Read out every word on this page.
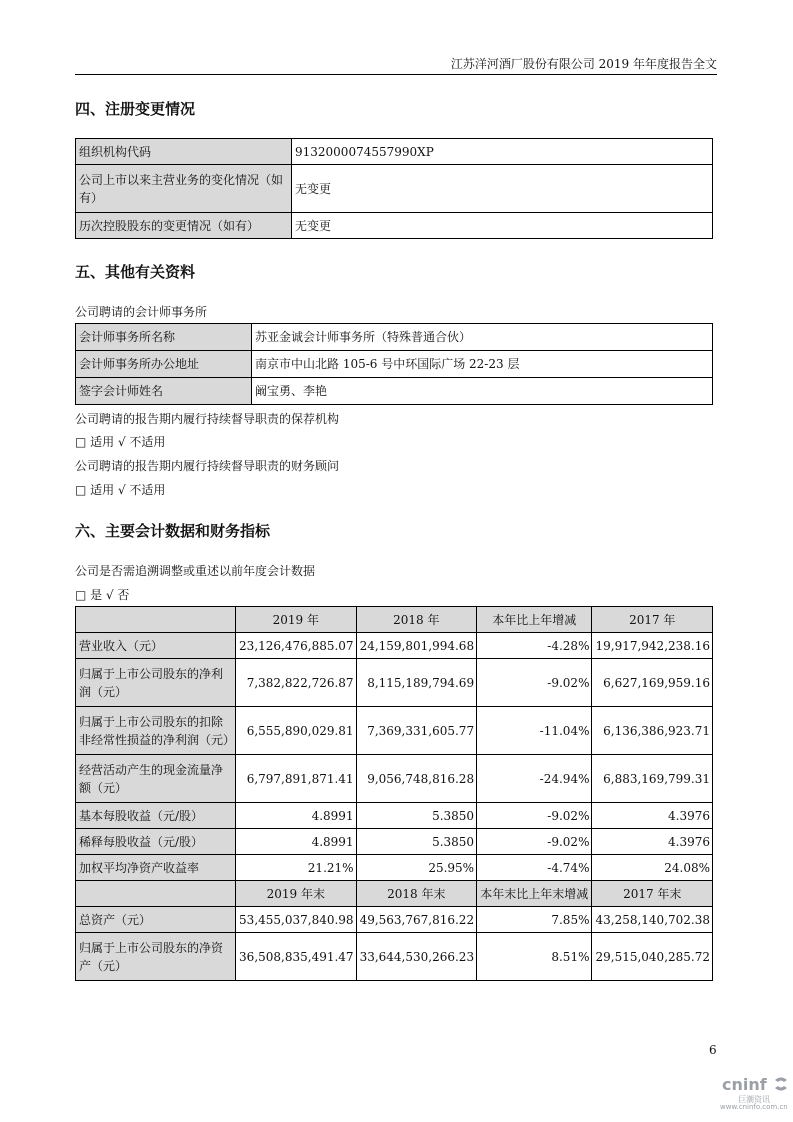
江苏洋河酒厂股份有限公司 2019 年年度报告全文
四、注册变更情况
组织机构代码	9132000074557990XP
公司上市以来主营业务的变化情况（如有）	无变更
历次控股股东的变更情况（如有）	无变更
五、其他有关资料
公司聘请的会计师事务所
会计师事务所名称	苏亚金诚会计师事务所（特殊普通合伙）
会计师事务所办公地址	南京市中山北路 105-6 号中环国际广场 22-23 层
签字会计师姓名	阚宝勇、李艳
公司聘请的报告期内履行持续督导职责的保荐机构
□ 适用 √ 不适用
公司聘请的报告期内履行持续督导职责的财务顾问
□ 适用 √ 不适用
六、主要会计数据和财务指标
公司是否需追溯调整或重述以前年度会计数据
□ 是 √ 否
	2019 年	2018 年	本年比上年增减	2017 年
营业收入（元）	23,126,476,885.07	24,159,801,994.68	-4.28%	19,917,942,238.16
归属于上市公司股东的净利润（元）	7,382,822,726.87	8,115,189,794.69	-9.02%	6,627,169,959.16
归属于上市公司股东的扣除非经常性损益的净利润（元）	6,555,890,029.81	7,369,331,605.77	-11.04%	6,136,386,923.71
经营活动产生的现金流量净额（元）	6,797,891,871.41	9,056,748,816.28	-24.94%	6,883,169,799.31
基本每股收益（元/股）	4.8991	5.3850	-9.02%	4.3976
稀释每股收益（元/股）	4.8991	5.3850	-9.02%	4.3976
加权平均净资产收益率	21.21%	25.95%	-4.74%	24.08%
	2019 年末	2018 年末	本年末比上年末增减	2017 年末
总资产（元）	53,455,037,840.98	49,563,767,816.22	7.85%	43,258,140,702.38
归属于上市公司股东的净资产（元）	36,508,835,491.47	33,644,530,266.23	8.51%	29,515,040,285.72
6
cninf
巨潮资讯
www.cninfo.com.cn
